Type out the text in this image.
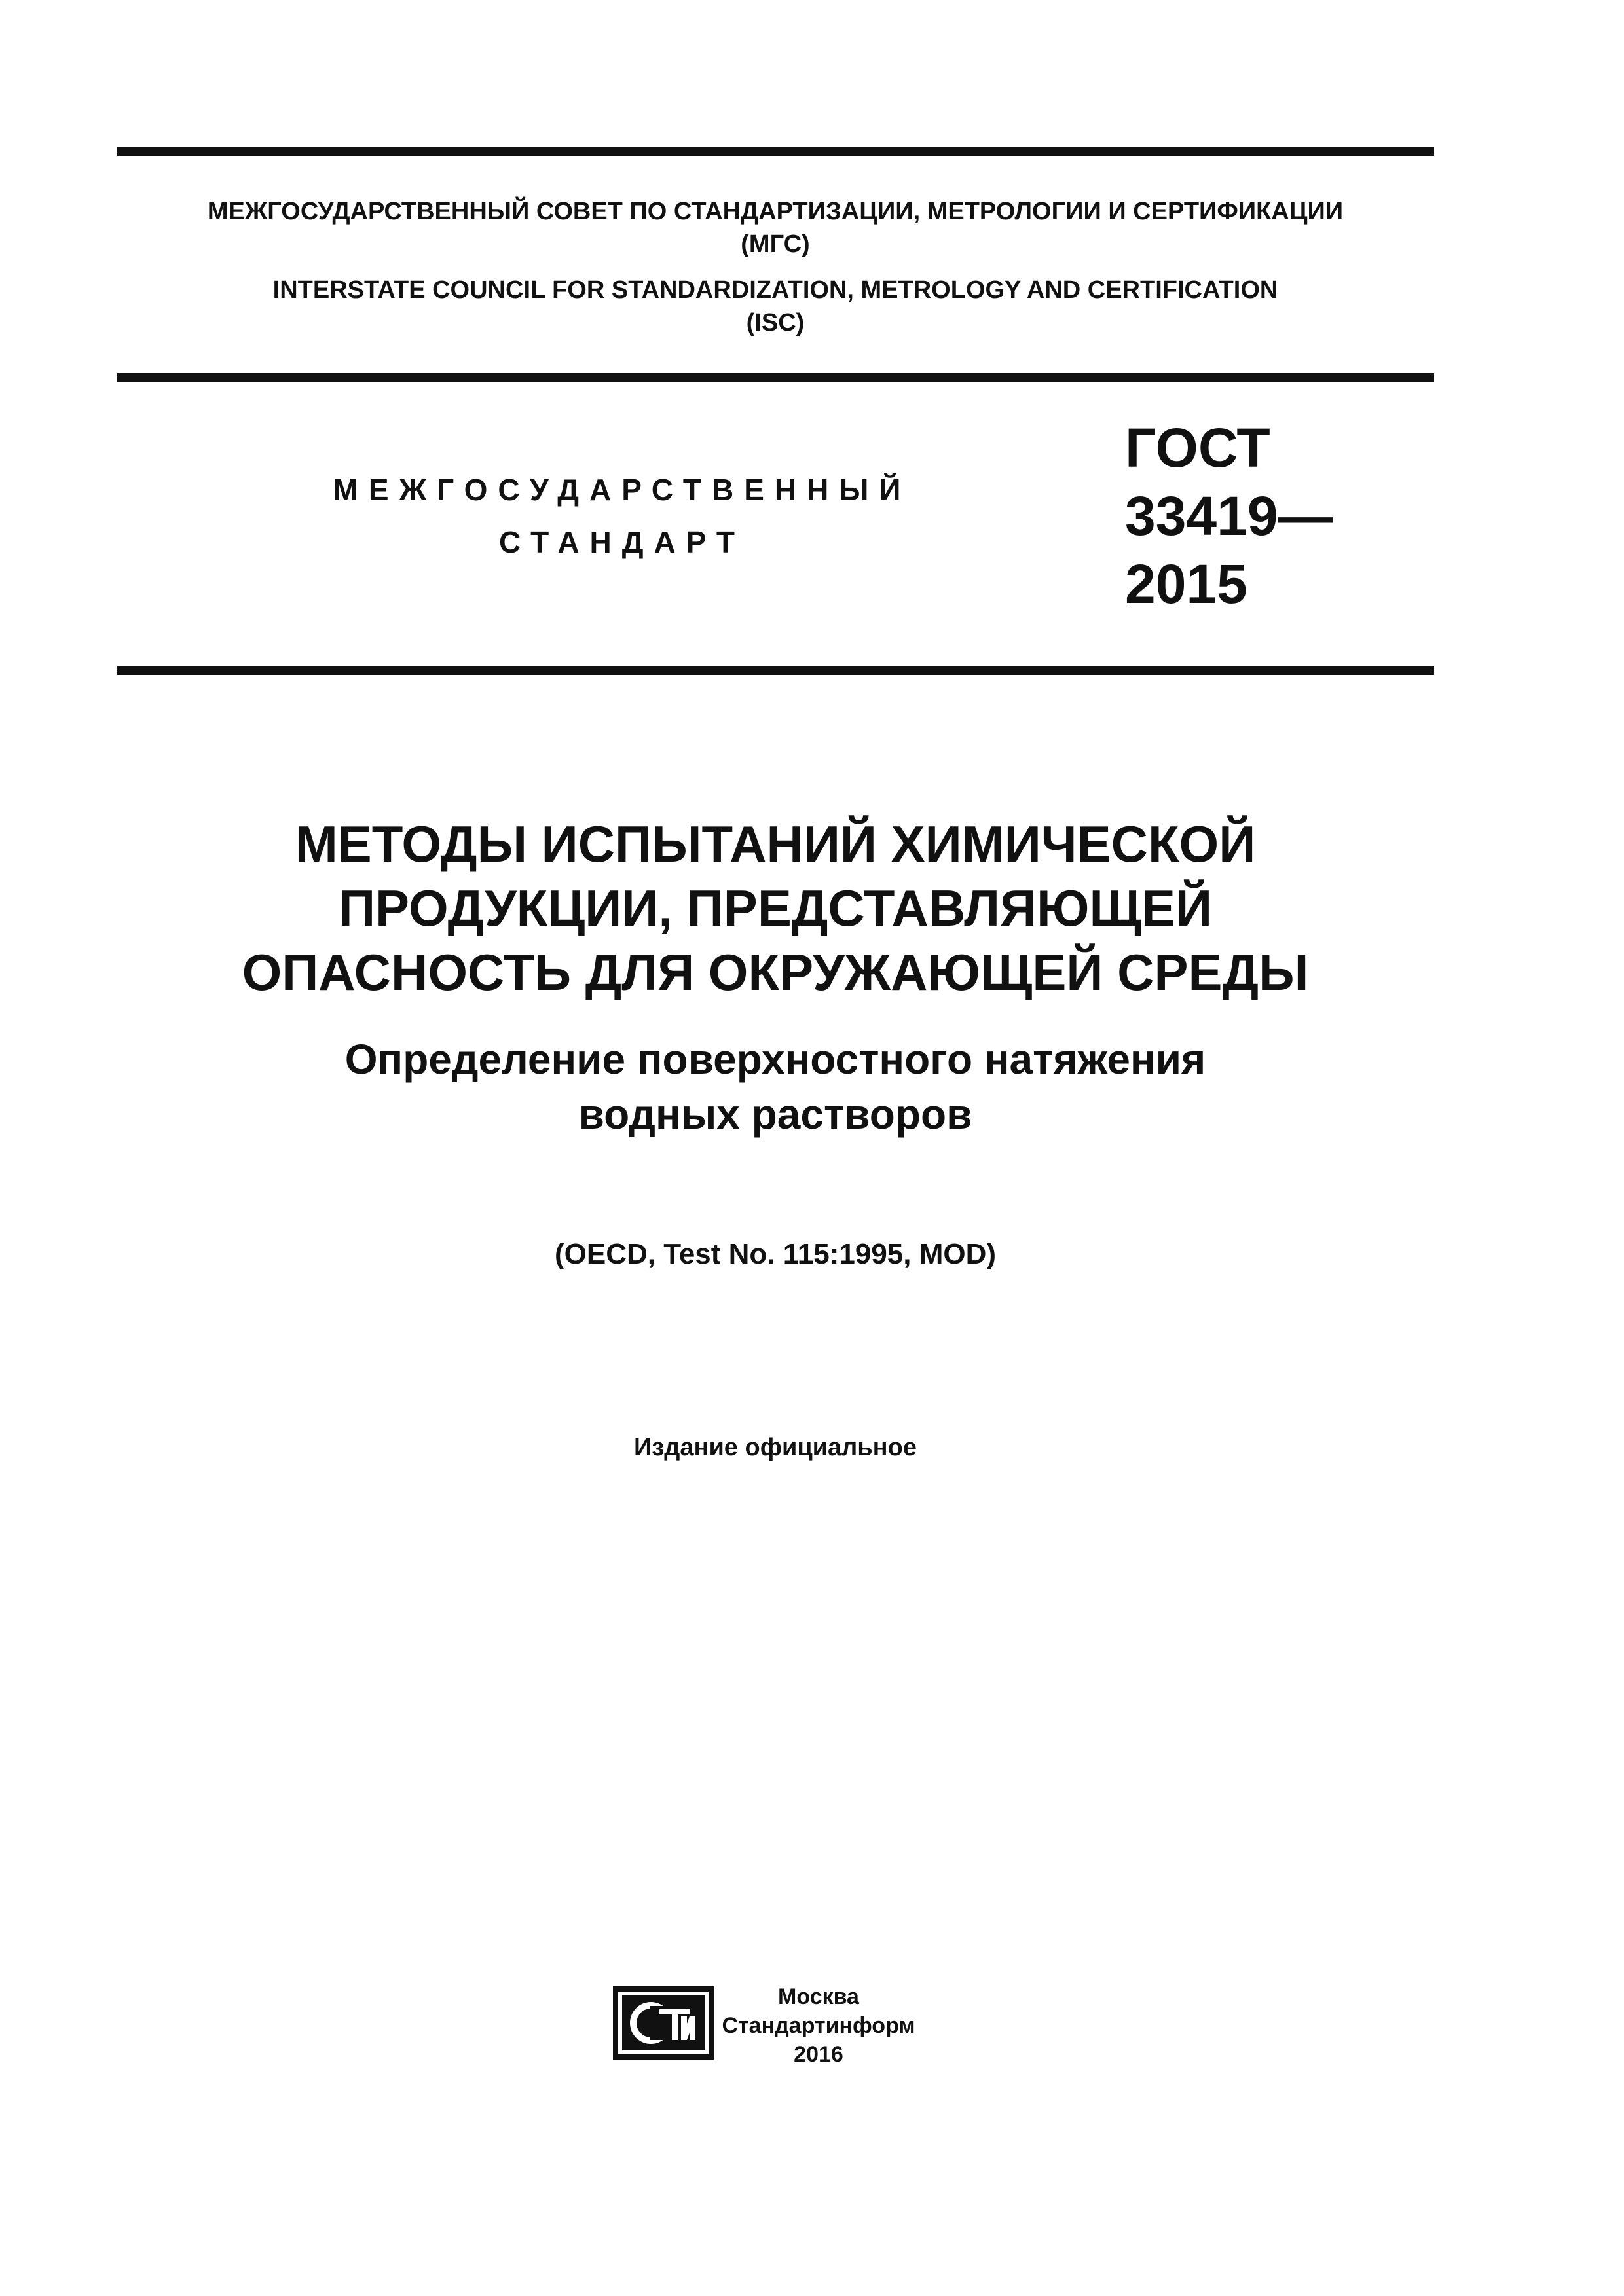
МЕЖГОСУДАРСТВЕННЫЙ СОВЕТ ПО СТАНДАРТИЗАЦИИ, МЕТРОЛОГИИ И СЕРТИФИКАЦИИ
(МГС)
INTERSTATE COUNCIL FOR STANDARDIZATION, METROLOGY AND CERTIFICATION
(ISC)
МЕЖГОСУДАРСТВЕННЫЙ
СТАНДАРТ
ГОСТ
33419—
2015
МЕТОДЫ ИСПЫТАНИЙ ХИМИЧЕСКОЙ
ПРОДУКЦИИ, ПРЕДСТАВЛЯЮЩЕЙ
ОПАСНОСТЬ ДЛЯ ОКРУЖАЮЩЕЙ СРЕДЫ
Определение поверхностного натяжения
водных растворов
(OECD, Test No. 115:1995, MOD)
Издание официальное
Москва
Стандартинформ
2016
